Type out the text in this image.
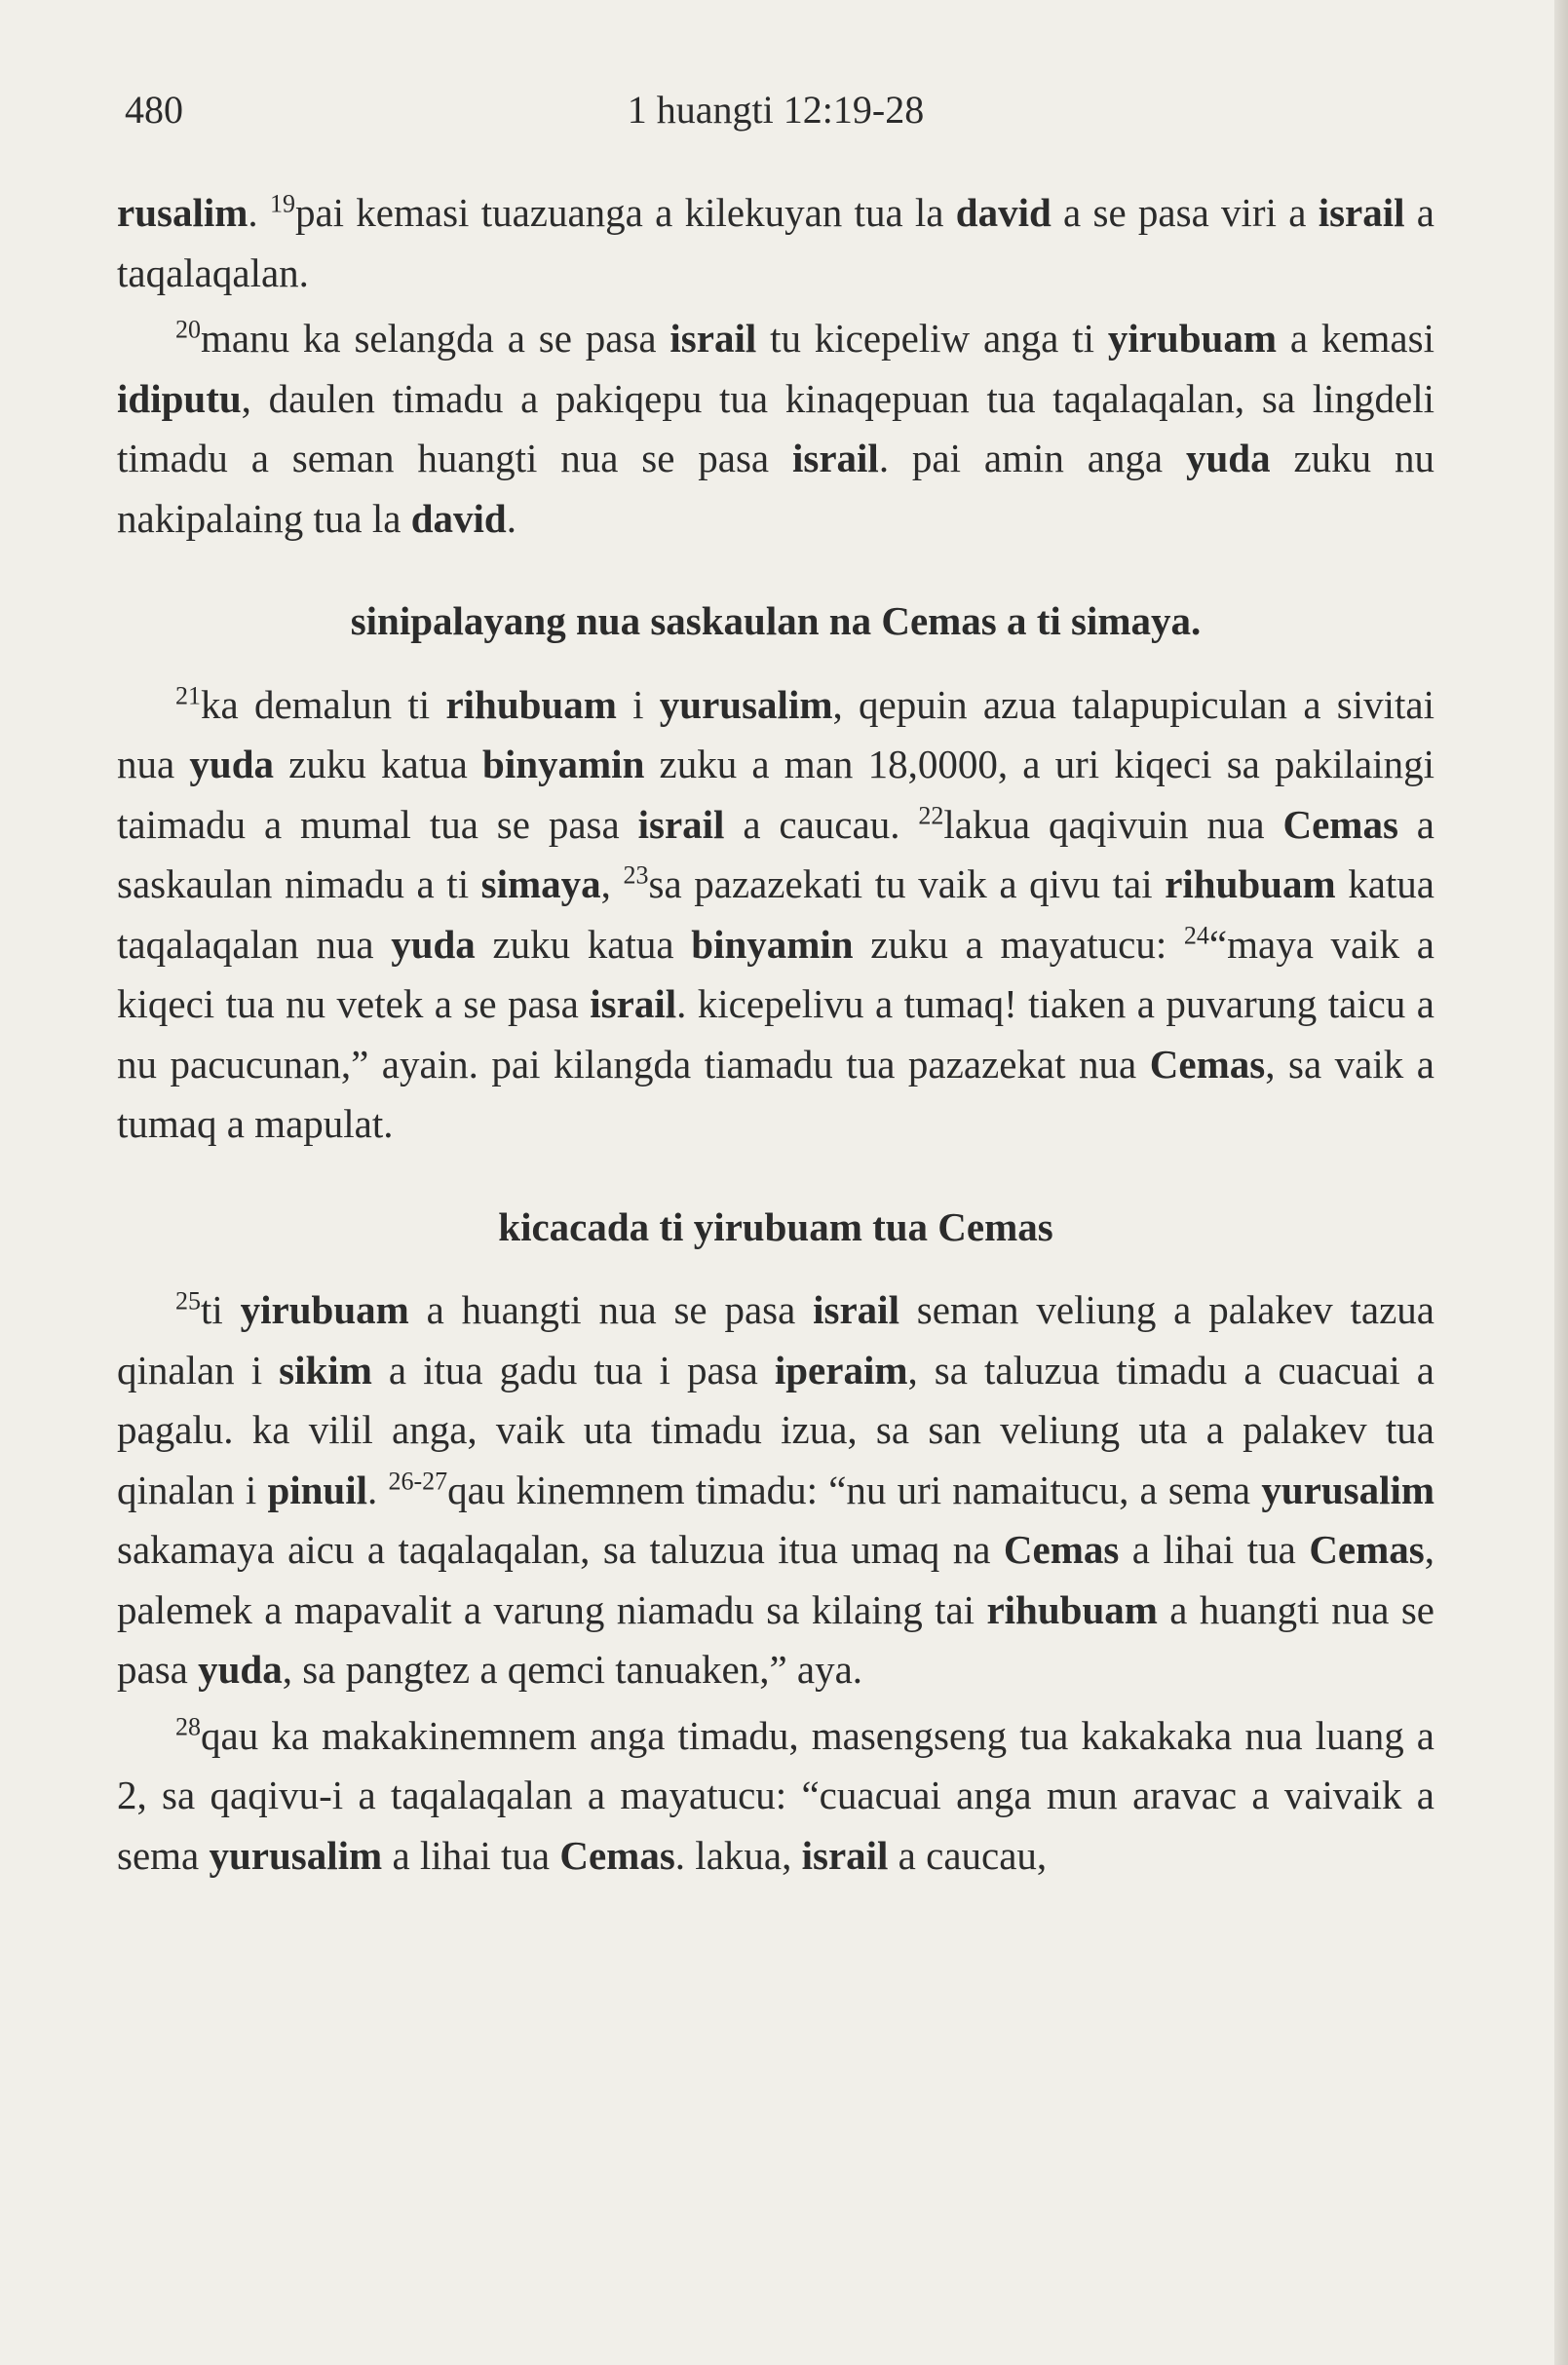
480	1 huangti 12:19-28

rusalim. $^{19}$pai kemasi tuazuanga a kilekuyan tua la david a se pasa viri a israil a taqalaqalan.

$^{20}$manu ka selangda a se pasa israil tu kicepeliw anga ti yirubuam a kemasi idiputu, daulen timadu a pakiqepu tua kinaqepuan tua taqalaqalan, sa lingdeli timadu a seman huangti nua se pasa israil. pai amin anga yuda zuku nu nakipalaing tua la david.

sinipalayang nua saskaulan na Cemas a ti simaya.

$^{21}$ka demalun ti rihubuam i yurusalim, qepuin azua talapupiculan a sivitai nua yuda zuku katua binyamin zuku a man 18,0000, a uri kiqeci sa pakilaingi taimadu a mumal tua se pasa israil a caucau. $^{22}$lakua qaqivuin nua Cemas a saskaulan nimadu a ti simaya, $^{23}$sa pazazekati tu vaik a qivu tai rihubuam katua taqalaqalan nua yuda zuku katua binyamin zuku a mayatucu: $^{24}$“maya vaik a kiqeci tua nu vetek a se pasa israil. kicepelivu a tumaq! tiaken a puvarung taicu a nu pacucunan,” ayain. pai kilangda tiamadu tua pazazekat nua Cemas, sa vaik a tumaq a mapulat.

kicacada ti yirubuam tua Cemas

$^{25}$ti yirubuam a huangti nua se pasa israil seman veliung a palakev tazua qinalan i sikim a itua gadu tua i pasa iperaim, sa taluzua timadu a cuacuai a pagalu. ka vilil anga, vaik uta timadu izua, sa san veliung uta a palakev tua qinalan i pinuil. $^{26-27}$qau kinemnem timadu: “nu uri namaitucu, a sema yurusalim sakamaya aicu a taqalaqalan, sa taluzua itua umaq na Cemas a lihai tua Cemas, palemek a mapavalit a varung niamadu sa kilaing tai rihubuam a huangti nua se pasa yuda, sa pangtez a qemci tanuaken,” aya.

$^{28}$qau ka makakinemnem anga timadu, masengseng tua kakakaka nua luang a 2, sa qaqivu-i a taqalaqalan a mayatucu: “cuacuai anga mun aravac a vaivaik a sema yurusalim a lihai tua Cemas. lakua, israil a caucau,
